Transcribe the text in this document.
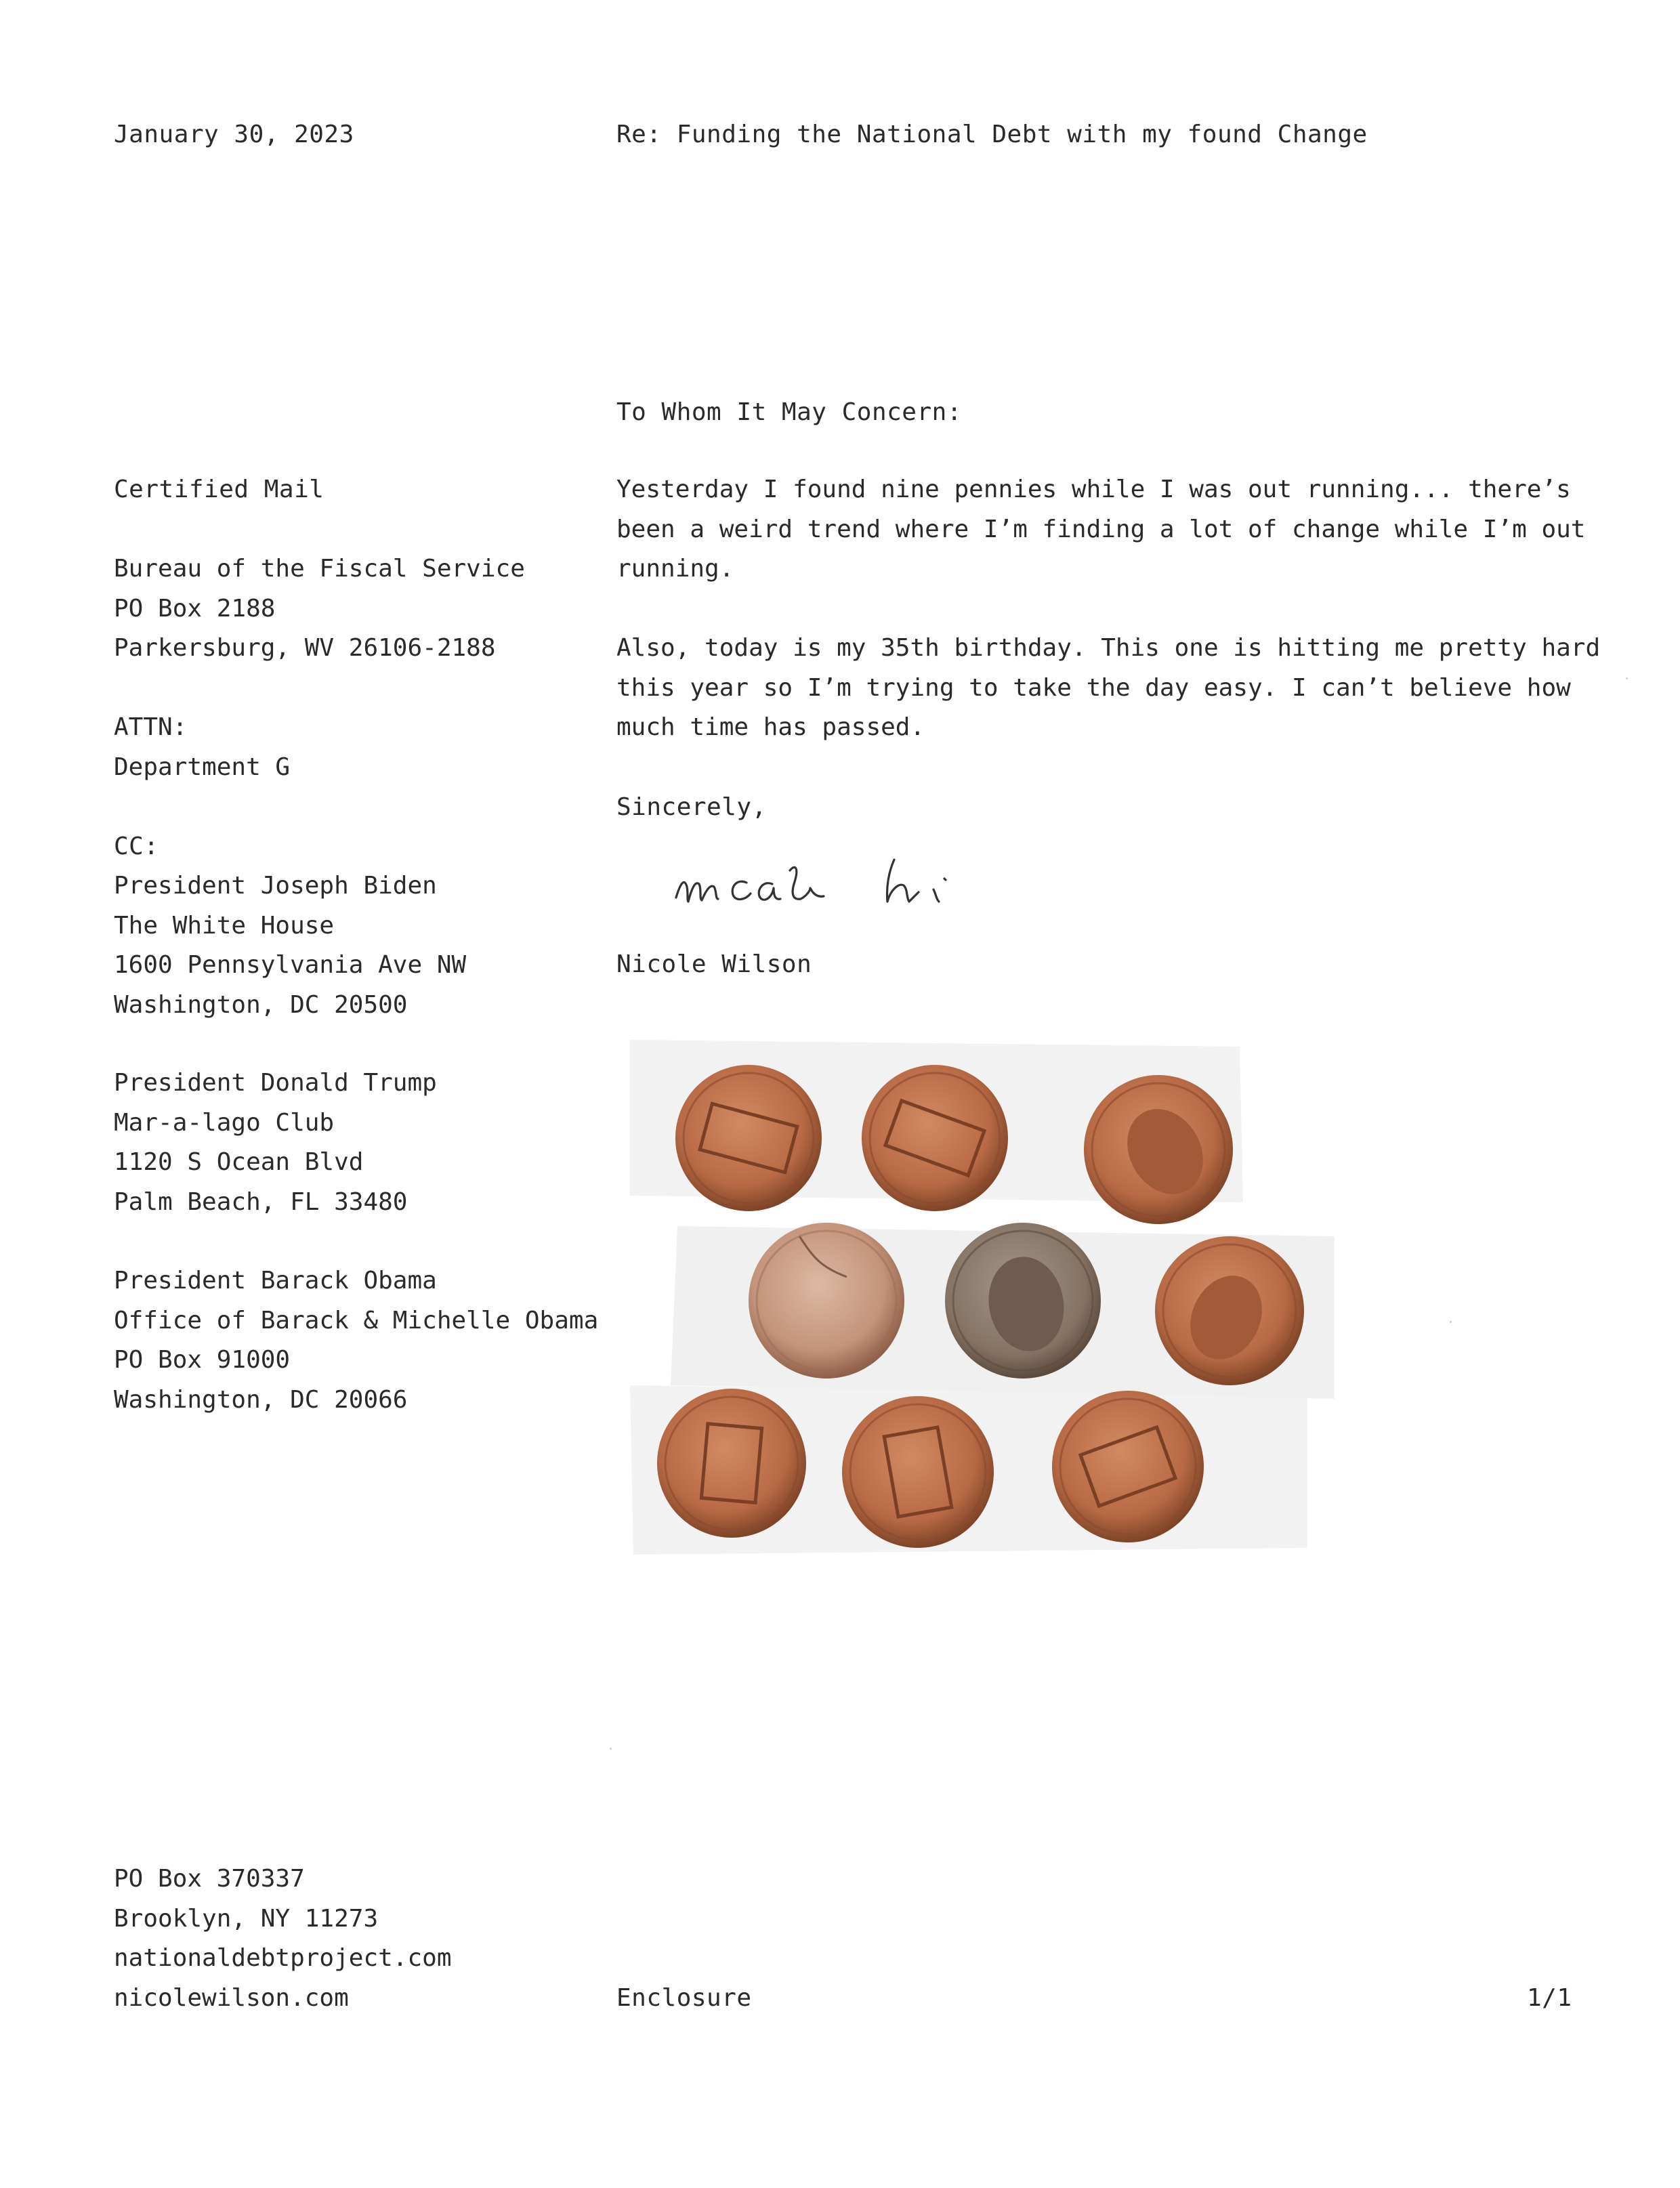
January 30, 2023	Re: Funding the National Debt with my found Change
To Whom It May Concern:
Certified Mail
Bureau of the Fiscal Service
PO Box 2188
Parkersburg, WV 26106-2188
ATTN:
Department G
CC:
President Joseph Biden
The White House
1600 Pennsylvania Ave NW
Washington, DC 20500
President Donald Trump
Mar-a-lago Club
1120 S Ocean Blvd
Palm Beach, FL 33480
President Barack Obama
Office of Barack & Michelle Obama
PO Box 91000
Washington, DC 20066
Yesterday I found nine pennies while I was out running... there’s
been a weird trend where I’m finding a lot of change while I’m out
running.
Also, today is my 35th birthday. This one is hitting me pretty hard
this year so I’m trying to take the day easy. I can’t believe how
much time has passed.
Sincerely,
Nicole Wilson
PO Box 370337
Brooklyn, NY 11273
nationaldebtproject.com
nicolewilson.com	Enclosure	1/1
